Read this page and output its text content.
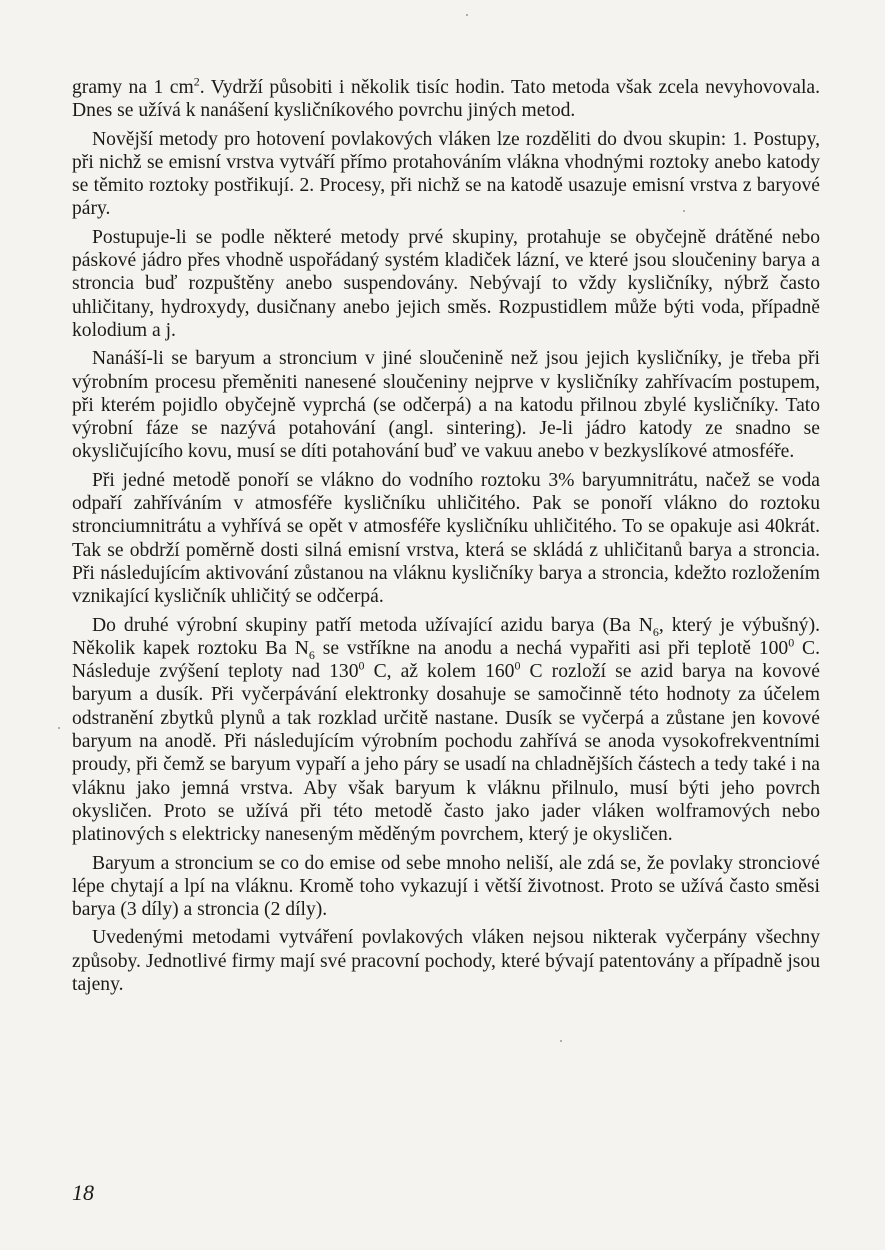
gramy na 1 $cm^2$. Vydrží působiti i několik tisíc hodin. Tato metoda však zcela nevyhovovala. Dnes se užívá k nanášení kysličníkového povrchu jiných metod.

Novější metody pro hotovení povlakových vláken lze rozděliti do dvou skupin: 1. Postupy, při nichž se emisní vrstva vytváří přímo protahováním vlákna vhodnými roztoky anebo katody se těmito roztoky postřikují. 2. Procesy, při nichž se na katodě usazuje emisní vrstva z baryové páry.

Postupuje-li se podle některé metody prvé skupiny, protahuje se obyčejně drátěné nebo páskové jádro přes vhodně uspořádaný systém kladiček lázní, ve které jsou sloučeniny barya a stroncia buď rozpuštěny anebo suspendovány. Nebývají to vždy kysličníky, nýbrž často uhličitany, hydroxydy, dusičnany anebo jejich směs. Rozpustidlem může býti voda, případně kolodium a j.

Nanáší-li se baryum a stroncium v jiné sloučenině než jsou jejich kysličníky, je třeba při výrobním procesu přeměniti nanesené sloučeniny nejprve v kysličníky zahřívacím postupem, při kterém pojidlo obyčejně vyprchá (se odčerpá) a na katodu přilnou zbylé kysličníky. Tato výrobní fáze se nazývá potahování (angl. sintering). Je-li jádro katody ze snadno se okysličujícího kovu, musí se díti potahování buď ve vakuu anebo v bezkyslíkové atmosféře.

Při jedné metodě ponoří se vlákno do vodního roztoku 3% baryumnitrátu, načež se voda odpaří zahříváním v atmosféře kysličníku uhličitého. Pak se ponoří vlákno do roztoku stronciumnitrátu a vyhřívá se opět v atmosféře kysličníku uhličitého. To se opakuje asi 40krát. Tak se obdrží poměrně dosti silná emisní vrstva, která se skládá z uhličitanů barya a stroncia. Při následujícím aktivování zůstanou na vláknu kysličníky barya a stroncia, kdežto rozložením vznikající kysličník uhličitý se odčerpá.

Do druhé výrobní skupiny patří metoda užívající azidu barya (Ba $N_6$, který je výbušný). Několik kapek roztoku Ba $N_6$ se vstříkne na anodu a nechá vypařiti asi při teplotě $100^0$ C. Následuje zvýšení teploty nad $130^0$ C, až kolem $160^0$ C rozloží se azid barya na kovové baryum a dusík. Při vyčerpávání elektronky dosahuje se samočinně této hodnoty za účelem odstranění zbytků plynů a tak rozklad určitě nastane. Dusík se vyčerpá a zůstane jen kovové baryum na anodě. Při následujícím výrobním pochodu zahřívá se anoda vysokofrekventními proudy, při čemž se baryum vypaří a jeho páry se usadí na chladnějších částech a tedy také i na vláknu jako jemná vrstva. Aby však baryum k vláknu přilnulo, musí býti jeho povrch okysličen. Proto se užívá při této metodě často jako jader vláken wolframových nebo platinových s elektricky naneseným měděným povrchem, který je okysličen.

Baryum a stroncium se co do emise od sebe mnoho neliší, ale zdá se, že povlaky stronciové lépe chytají a lpí na vláknu. Kromě toho vykazují i větší životnost. Proto se užívá často směsi barya (3 díly) a stroncia (2 díly).

Uvedenými metodami vytváření povlakových vláken nejsou nikterak vyčerpány všechny způsoby. Jednotlivé firmy mají své pracovní pochody, které bývají patentovány a případně jsou tajeny.

18
